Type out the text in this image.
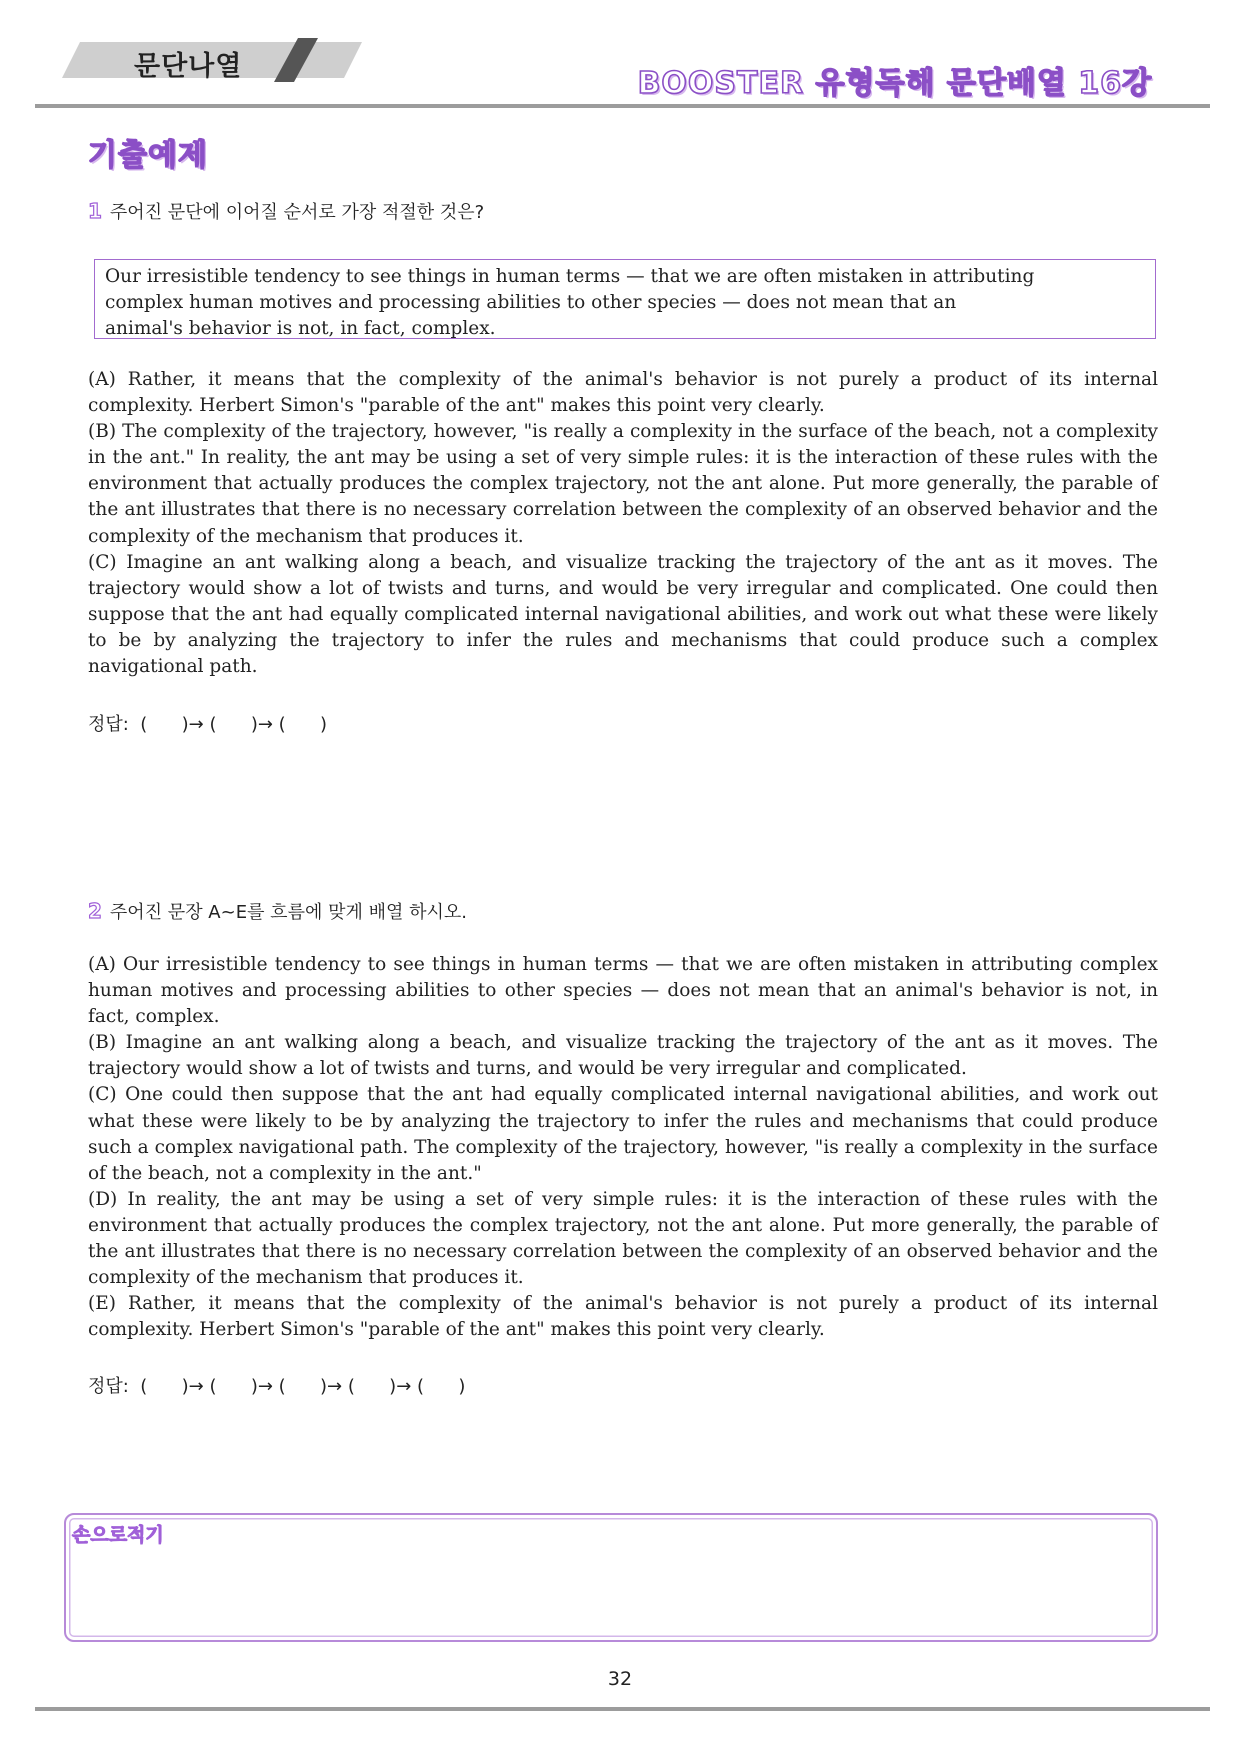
문단나열	BOOSTER 유형독해 문단배열 16강
기출예제
1 주어진 문단에 이어질 순서로 가장 적절한 것은?

Our irresistible tendency to see things in human terms — that we are often mistaken in attributing

complex human motives and processing abilities to other species — does not mean that an

animal's behavior is not, in fact, complex.

(A) Rather, it means that the complexity of the animal's behavior is not purely a product of its internal complexity. Herbert Simon's "parable of the ant" makes this point very clearly.

(B) The complexity of the trajectory, however, "is really a complexity in the surface of the beach, not a complexity in the ant." In reality, the ant may be using a set of very simple rules: it is the interaction of these rules with the environment that actually produces the complex trajectory, not the ant alone. Put more generally, the parable of the ant illustrates that there is no necessary correlation between the complexity of an observed behavior and the complexity of the mechanism that produces it.

(C) Imagine an ant walking along a beach, and visualize tracking the trajectory of the ant as it moves. The trajectory would show a lot of twists and turns, and would be very irregular and complicated. One could then suppose that the ant had equally complicated internal navigational abilities, and work out what these were likely to be by analyzing the trajectory to infer the rules and mechanisms that could produce such a complex navigational path.

정답:  (      )→ (      )→ (      )
2 주어진 문장 A~E를 흐름에 맞게 배열 하시오.

(A) Our irresistible tendency to see things in human terms — that we are often mistaken in attributing complex human motives and processing abilities to other species — does not mean that an animal's behavior is not, in fact, complex.

(B) Imagine an ant walking along a beach, and visualize tracking the trajectory of the ant as it moves. The trajectory would show a lot of twists and turns, and would be very irregular and complicated.

(C) One could then suppose that the ant had equally complicated internal navigational abilities, and work out what these were likely to be by analyzing the trajectory to infer the rules and mechanisms that could produce such a complex navigational path. The complexity of the trajectory, however, "is really a complexity in the surface of the beach, not a complexity in the ant."

(D) In reality, the ant may be using a set of very simple rules: it is the interaction of these rules with the environment that actually produces the complex trajectory, not the ant alone. Put more generally, the parable of the ant illustrates that there is no necessary correlation between the complexity of an observed behavior and the complexity of the mechanism that produces it.

(E) Rather, it means that the complexity of the animal's behavior is not purely a product of its internal complexity. Herbert Simon's "parable of the ant" makes this point very clearly.

정답:  (      )→ (      )→ (      )→ (      )→ (      )
손으로적기
32
